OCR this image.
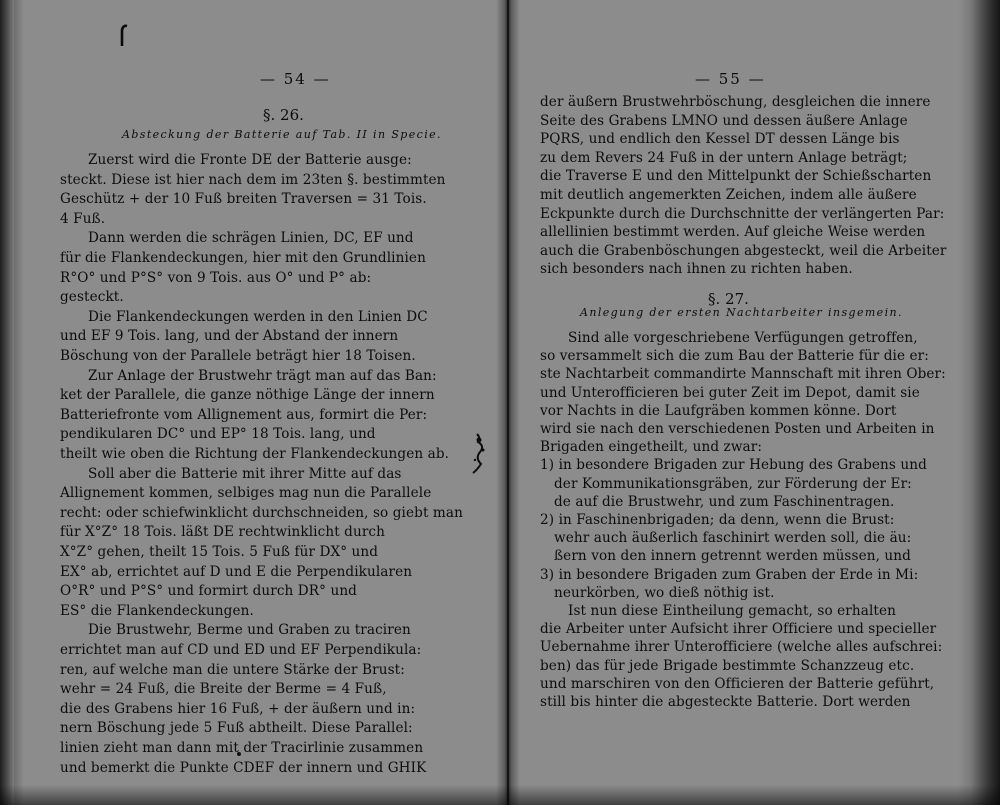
— 54 —
§. 26.
Absteckung der Batterie auf Tab. II in Specie.
Zuerst wird die Fronte DE der Batterie ausge:
steckt. Diese ist hier nach dem im 23ten §. bestimmten
Geschütz + der 10 Fuß breiten Traversen = 31 Tois.
4 Fuß.
Dann werden die schrägen Linien, DC, EF und
für die Flankendeckungen, hier mit den Grundlinien
R°O° und P°S° von 9 Tois. aus O° und P° ab:
gesteckt.
Die Flankendeckungen werden in den Linien DC
und EF 9 Tois. lang, und der Abstand der innern
Böschung von der Parallele beträgt hier 18 Toisen.
Zur Anlage der Brustwehr trägt man auf das Ban:
ket der Parallele, die ganze nöthige Länge der innern
Batteriefronte vom Allignement aus, formirt die Per:
pendikularen DC° und EP° 18 Tois. lang, und
theilt wie oben die Richtung der Flankendeckungen ab.
Soll aber die Batterie mit ihrer Mitte auf das
Allignement kommen, selbiges mag nun die Parallele
recht: oder schiefwinklicht durchschneiden, so giebt man
für X°Z° 18 Tois. läßt DE rechtwinklicht durch
X°Z° gehen, theilt 15 Tois. 5 Fuß für DX° und
EX° ab, errichtet auf D und E die Perpendikularen
O°R° und P°S° und formirt durch DR° und
ES° die Flankendeckungen.
Die Brustwehr, Berme und Graben zu traciren
errichtet man auf CD und ED und EF Perpendikula:
ren, auf welche man die untere Stärke der Brust:
wehr = 24 Fuß, die Breite der Berme = 4 Fuß,
die des Grabens hier 16 Fuß, + der äußern und in:
nern Böschung jede 5 Fuß abtheilt. Diese Parallel:
linien zieht man dann mit der Tracirlinie zusammen
und bemerkt die Punkte CDEF der innern und GHIK
— 55 —
der äußern Brustwehrböschung, desgleichen die innere
Seite des Grabens LMNO und dessen äußere Anlage
PQRS, und endlich den Kessel DT dessen Länge bis
zu dem Revers 24 Fuß in der untern Anlage beträgt;
die Traverse E und den Mittelpunkt der Schießscharten
mit deutlich angemerkten Zeichen, indem alle äußere
Eckpunkte durch die Durchschnitte der verlängerten Par:
allellinien bestimmt werden. Auf gleiche Weise werden
auch die Grabenböschungen abgesteckt, weil die Arbeiter
sich besonders nach ihnen zu richten haben.
§. 27.
Anlegung der ersten Nachtarbeiter insgemein.
Sind alle vorgeschriebene Verfügungen getroffen,
so versammelt sich die zum Bau der Batterie für die er:
ste Nachtarbeit commandirte Mannschaft mit ihren Ober:
und Unterofficieren bei guter Zeit im Depot, damit sie
vor Nachts in die Laufgräben kommen könne. Dort
wird sie nach den verschiedenen Posten und Arbeiten in
Brigaden eingetheilt, und zwar:
1) in besondere Brigaden zur Hebung des Grabens und
der Kommunikationsgräben, zur Förderung der Er:
de auf die Brustwehr, und zum Faschinentragen.
2) in Faschinenbrigaden; da denn, wenn die Brust:
wehr auch äußerlich faschinirt werden soll, die äu:
ßern von den innern getrennt werden müssen, und
3) in besondere Brigaden zum Graben der Erde in Mi:
neurkörben, wo dieß nöthig ist.
Ist nun diese Eintheilung gemacht, so erhalten
die Arbeiter unter Aufsicht ihrer Officiere und specieller
Uebernahme ihrer Unterofficiere (welche alles aufschrei:
ben) das für jede Brigade bestimmte Schanzzeug etc.
und marschiren von den Officieren der Batterie geführt,
still bis hinter die abgesteckte Batterie. Dort werden
